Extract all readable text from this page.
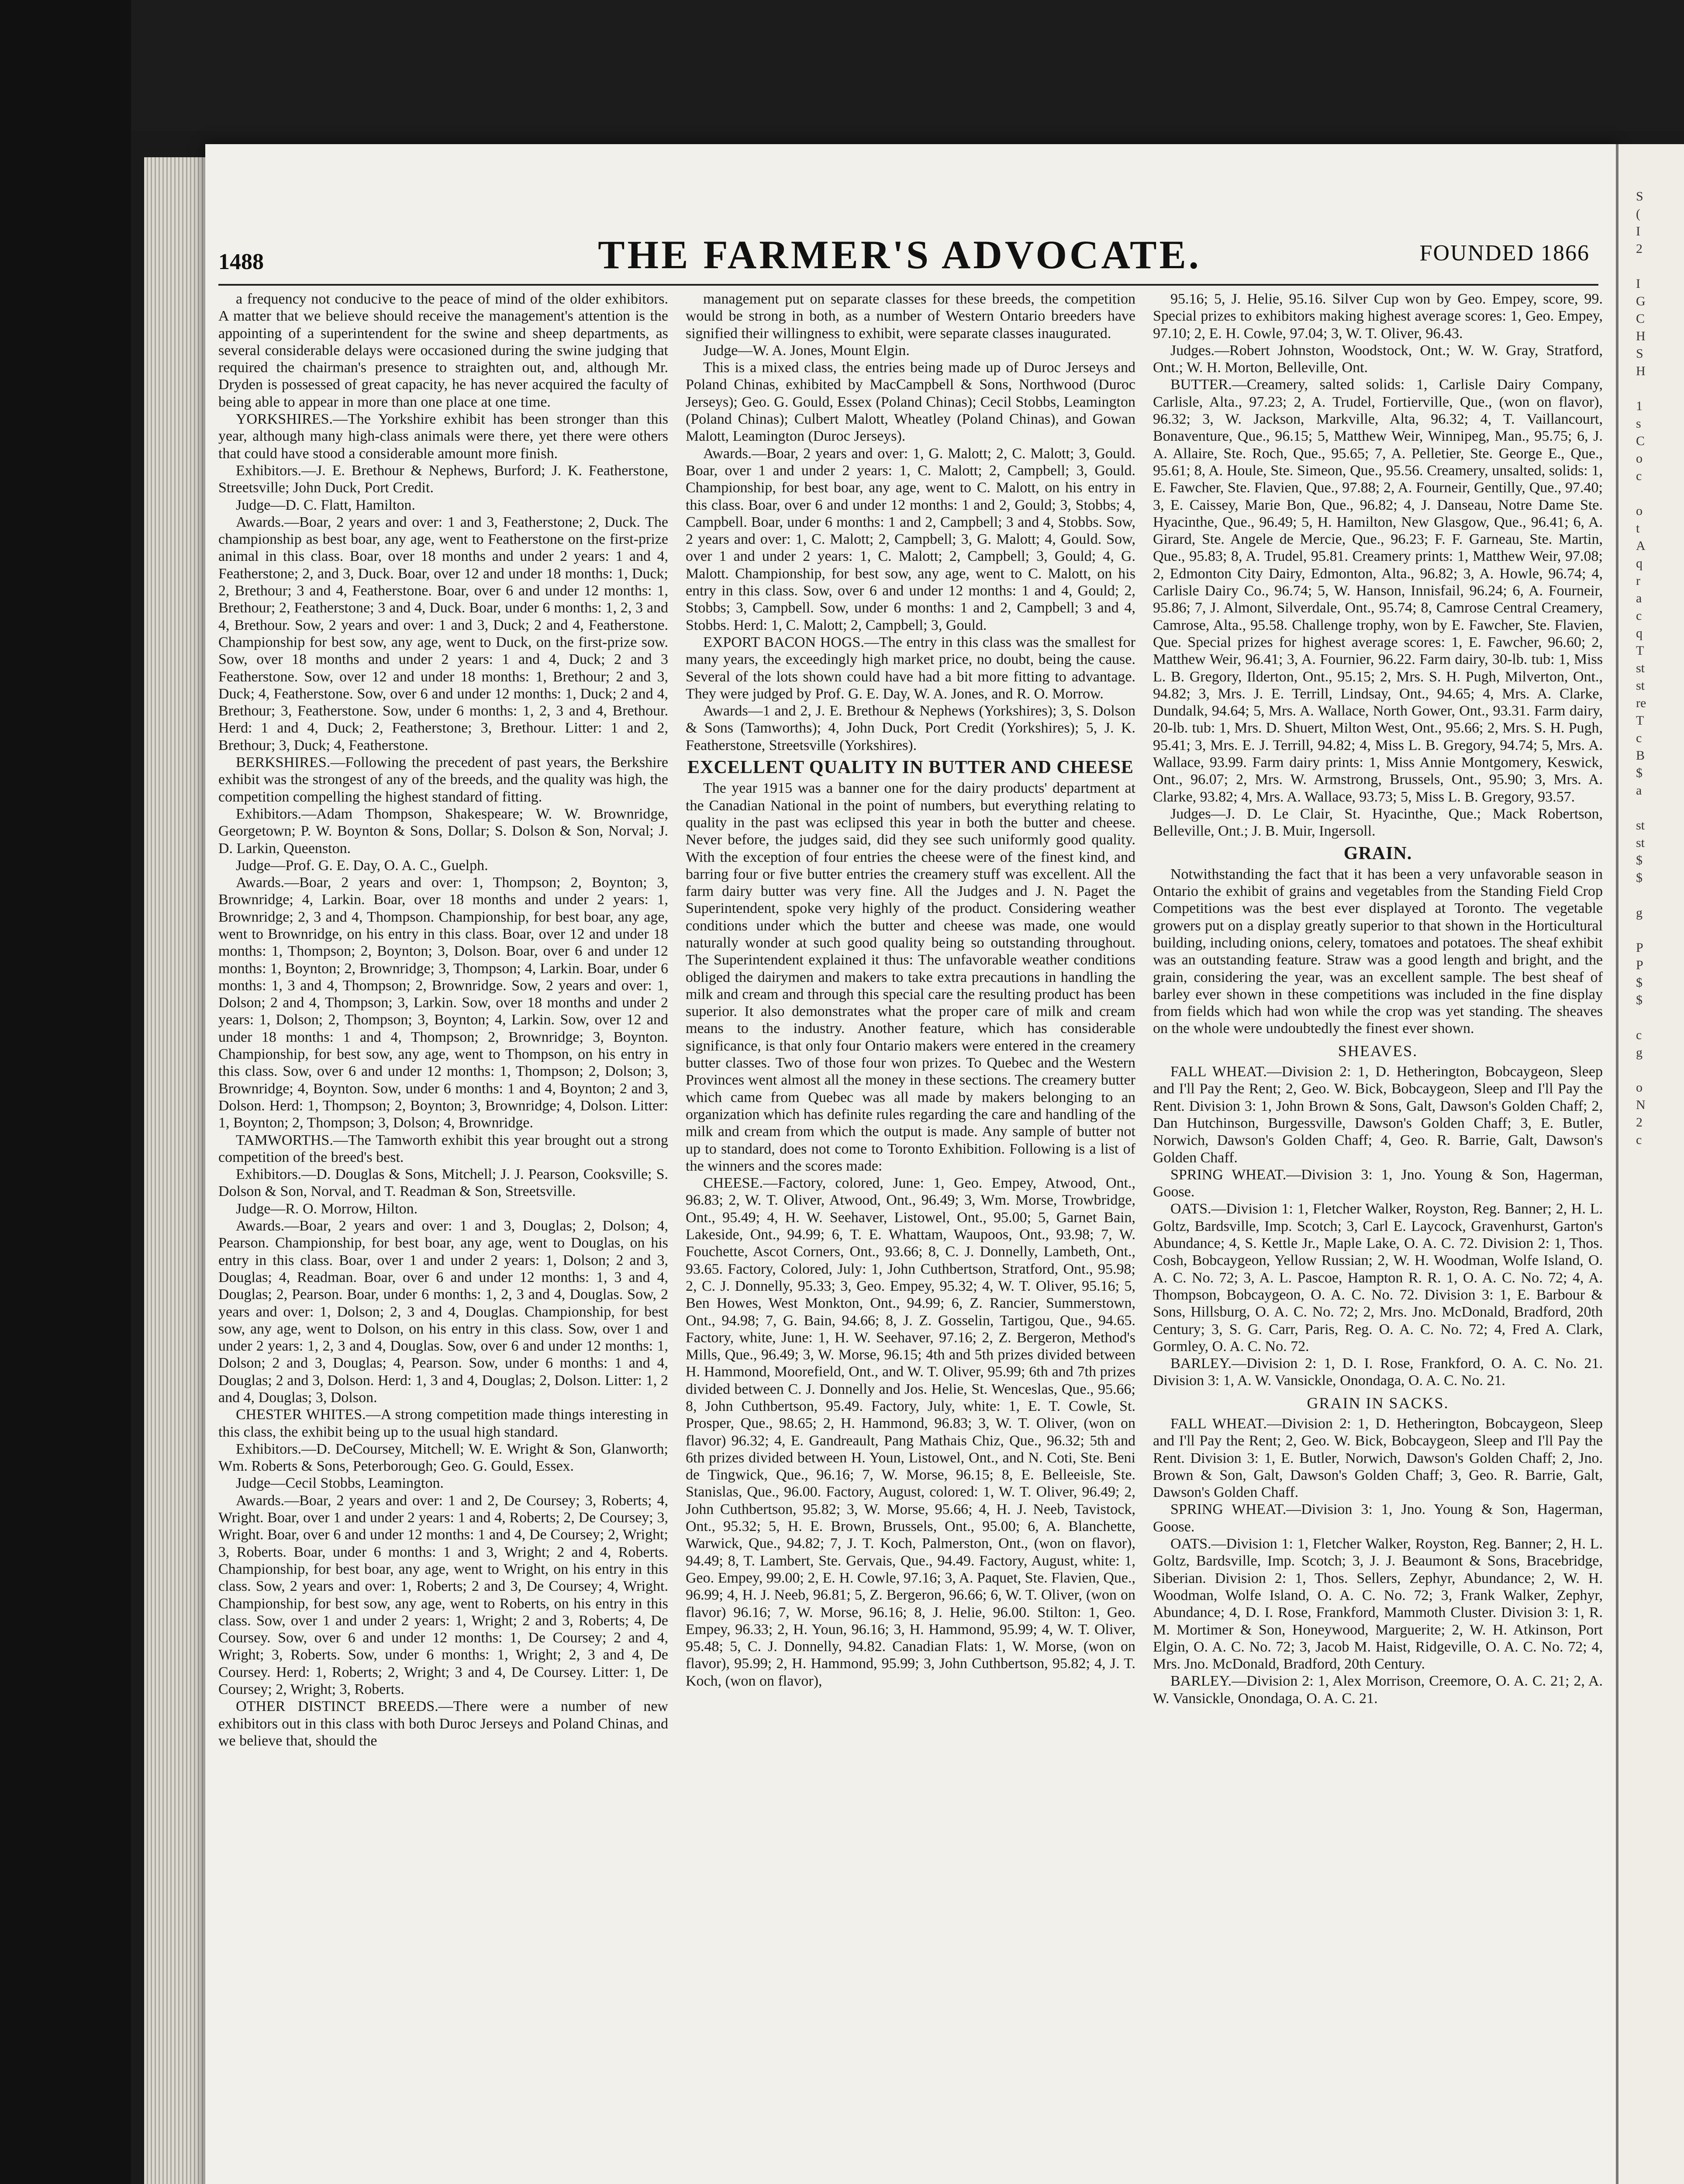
1488	THE FARMER'S ADVOCATE.	FOUNDED 1866

a frequency not conducive to the peace of mind of the older exhibitors. A matter that we believe should receive the management's attention is the appointing of a superintendent for the swine and sheep departments, as several considerable delays were occasioned during the swine judging that required the chairman's presence to straighten out, and, although Mr. Dryden is possessed of great capacity, he has never acquired the faculty of being able to appear in more than one place at one time.

YORKSHIRES.—The Yorkshire exhibit has been stronger than this year, although many high-class animals were there, yet there were others that could have stood a considerable amount more finish.

Exhibitors.—J. E. Brethour & Nephews, Burford; J. K. Featherstone, Streetsville; John Duck, Port Credit.

Judge—D. C. Flatt, Hamilton.

Awards.—Boar, 2 years and over: 1 and 3, Featherstone; 2, Duck. The championship as best boar, any age, went to Featherstone on the first-prize animal in this class. Boar, over 18 months and under 2 years: 1 and 4, Featherstone; 2, and 3, Duck. Boar, over 12 and under 18 months: 1, Duck; 2, Brethour; 3 and 4, Featherstone. Boar, over 6 and under 12 months: 1, Brethour; 2, Featherstone; 3 and 4, Duck. Boar, under 6 months: 1, 2, 3 and 4, Brethour. Sow, 2 years and over: 1 and 3, Duck; 2 and 4, Featherstone. Championship for best sow, any age, went to Duck, on the first-prize sow. Sow, over 18 months and under 2 years: 1 and 4, Duck; 2 and 3 Featherstone. Sow, over 12 and under 18 months: 1, Brethour; 2 and 3, Duck; 4, Featherstone. Sow, over 6 and under 12 months: 1, Duck; 2 and 4, Brethour; 3, Featherstone. Sow, under 6 months: 1, 2, 3 and 4, Brethour. Herd: 1 and 4, Duck; 2, Featherstone; 3, Brethour. Litter: 1 and 2, Brethour; 3, Duck; 4, Featherstone.

BERKSHIRES.—Following the precedent of past years, the Berkshire exhibit was the strongest of any of the breeds, and the quality was high, the competition compelling the highest standard of fitting.

Exhibitors.—Adam Thompson, Shakespeare; W. W. Brownridge, Georgetown; P. W. Boynton & Sons, Dollar; S. Dolson & Son, Norval; J. D. Larkin, Queenston.

Judge—Prof. G. E. Day, O. A. C., Guelph.

Awards.—Boar, 2 years and over: 1, Thompson; 2, Boynton; 3, Brownridge; 4, Larkin. Boar, over 18 months and under 2 years: 1, Brownridge; 2, 3 and 4, Thompson. Championship, for best boar, any age, went to Brownridge, on his entry in this class. Boar, over 12 and under 18 months: 1, Thompson; 2, Boynton; 3, Dolson. Boar, over 6 and under 12 months: 1, Boynton; 2, Brownridge; 3, Thompson; 4, Larkin. Boar, under 6 months: 1, 3 and 4, Thompson; 2, Brownridge. Sow, 2 years and over: 1, Dolson; 2 and 4, Thompson; 3, Larkin. Sow, over 18 months and under 2 years: 1, Dolson; 2, Thompson; 3, Boynton; 4, Larkin. Sow, over 12 and under 18 months: 1 and 4, Thompson; 2, Brownridge; 3, Boynton. Championship, for best sow, any age, went to Thompson, on his entry in this class. Sow, over 6 and under 12 months: 1, Thompson; 2, Dolson; 3, Brownridge; 4, Boynton. Sow, under 6 months: 1 and 4, Boynton; 2 and 3, Dolson. Herd: 1, Thompson; 2, Boynton; 3, Brownridge; 4, Dolson. Litter: 1, Boynton; 2, Thompson; 3, Dolson; 4, Brownridge.

TAMWORTHS.—The Tamworth exhibit this year brought out a strong competition of the breed's best.

Exhibitors.—D. Douglas & Sons, Mitchell; J. J. Pearson, Cooksville; S. Dolson & Son, Norval, and T. Readman & Son, Streetsville.

Judge—R. O. Morrow, Hilton.

Awards.—Boar, 2 years and over: 1 and 3, Douglas; 2, Dolson; 4, Pearson. Championship, for best boar, any age, went to Douglas, on his entry in this class. Boar, over 1 and under 2 years: 1, Dolson; 2 and 3, Douglas; 4, Readman. Boar, over 6 and under 12 months: 1, 3 and 4, Douglas; 2, Pearson. Boar, under 6 months: 1, 2, 3 and 4, Douglas. Sow, 2 years and over: 1, Dolson; 2, 3 and 4, Douglas. Championship, for best sow, any age, went to Dolson, on his entry in this class. Sow, over 1 and under 2 years: 1, 2, 3 and 4, Douglas. Sow, over 6 and under 12 months: 1, Dolson; 2 and 3, Douglas; 4, Pearson. Sow, under 6 months: 1 and 4, Douglas; 2 and 3, Dolson. Herd: 1, 3 and 4, Douglas; 2, Dolson. Litter: 1, 2 and 4, Douglas; 3, Dolson.

CHESTER WHITES.—A strong competition made things interesting in this class, the exhibit being up to the usual high standard.

Exhibitors.—D. DeCoursey, Mitchell; W. E. Wright & Son, Glanworth; Wm. Roberts & Sons, Peterborough; Geo. G. Gould, Essex.

Judge—Cecil Stobbs, Leamington.

Awards.—Boar, 2 years and over: 1 and 2, De Coursey; 3, Roberts; 4, Wright. Boar, over 1 and under 2 years: 1 and 4, Roberts; 2, De Coursey; 3, Wright. Boar, over 6 and under 12 months: 1 and 4, De Coursey; 2, Wright; 3, Roberts. Boar, under 6 months: 1 and 3, Wright; 2 and 4, Roberts. Championship, for best boar, any age, went to Wright, on his entry in this class. Sow, 2 years and over: 1, Roberts; 2 and 3, De Coursey; 4, Wright. Championship, for best sow, any age, went to Roberts, on his entry in this class. Sow, over 1 and under 2 years: 1, Wright; 2 and 3, Roberts; 4, De Coursey. Sow, over 6 and under 12 months: 1, De Coursey; 2 and 4, Wright; 3, Roberts. Sow, under 6 months: 1, Wright; 2, 3 and 4, De Coursey. Herd: 1, Roberts; 2, Wright; 3 and 4, De Coursey. Litter: 1, De Coursey; 2, Wright; 3, Roberts.

OTHER DISTINCT BREEDS.—There were a number of new exhibitors out in this class with both Duroc Jerseys and Poland Chinas, and we believe that, should the

management put on separate classes for these breeds, the competition would be strong in both, as a number of Western Ontario breeders have signified their willingness to exhibit, were separate classes inaugurated.

Judge—W. A. Jones, Mount Elgin.

This is a mixed class, the entries being made up of Duroc Jerseys and Poland Chinas, exhibited by MacCampbell & Sons, Northwood (Duroc Jerseys); Geo. G. Gould, Essex (Poland Chinas); Cecil Stobbs, Leamington (Poland Chinas); Culbert Malott, Wheatley (Poland Chinas), and Gowan Malott, Leamington (Duroc Jerseys).

Awards.—Boar, 2 years and over: 1, G. Malott; 2, C. Malott; 3, Gould. Boar, over 1 and under 2 years: 1, C. Malott; 2, Campbell; 3, Gould. Championship, for best boar, any age, went to C. Malott, on his entry in this class. Boar, over 6 and under 12 months: 1 and 2, Gould; 3, Stobbs; 4, Campbell. Boar, under 6 months: 1 and 2, Campbell; 3 and 4, Stobbs. Sow, 2 years and over: 1, C. Malott; 2, Campbell; 3, G. Malott; 4, Gould. Sow, over 1 and under 2 years: 1, C. Malott; 2, Campbell; 3, Gould; 4, G. Malott. Championship, for best sow, any age, went to C. Malott, on his entry in this class. Sow, over 6 and under 12 months: 1 and 4, Gould; 2, Stobbs; 3, Campbell. Sow, under 6 months: 1 and 2, Campbell; 3 and 4, Stobbs. Herd: 1, C. Malott; 2, Campbell; 3, Gould.

EXPORT BACON HOGS.—The entry in this class was the smallest for many years, the exceedingly high market price, no doubt, being the cause. Several of the lots shown could have had a bit more fitting to advantage. They were judged by Prof. G. E. Day, W. A. Jones, and R. O. Morrow.

Awards—1 and 2, J. E. Brethour & Nephews (Yorkshires); 3, S. Dolson & Sons (Tamworths); 4, John Duck, Port Credit (Yorkshires); 5, J. K. Featherstone, Streetsville (Yorkshires).

EXCELLENT QUALITY IN BUTTER AND CHEESE

The year 1915 was a banner one for the dairy products' department at the Canadian National in the point of numbers, but everything relating to quality in the past was eclipsed this year in both the butter and cheese. Never before, the judges said, did they see such uniformly good quality. With the exception of four entries the cheese were of the finest kind, and barring four or five butter entries the creamery stuff was excellent. All the farm dairy butter was very fine. All the Judges and J. N. Paget the Superintendent, spoke very highly of the product. Considering weather conditions under which the butter and cheese was made, one would naturally wonder at such good quality being so outstanding throughout. The Superintendent explained it thus: The unfavorable weather conditions obliged the dairymen and makers to take extra precautions in handling the milk and cream and through this special care the resulting product has been superior. It also demonstrates what the proper care of milk and cream means to the industry. Another feature, which has considerable significance, is that only four Ontario makers were entered in the creamery butter classes. Two of those four won prizes. To Quebec and the Western Provinces went almost all the money in these sections. The creamery butter which came from Quebec was all made by makers belonging to an organization which has definite rules regarding the care and handling of the milk and cream from which the output is made. Any sample of butter not up to standard, does not come to Toronto Exhibition. Following is a list of the winners and the scores made:

CHEESE.—Factory, colored, June: 1, Geo. Empey, Atwood, Ont., 96.83; 2, W. T. Oliver, Atwood, Ont., 96.49; 3, Wm. Morse, Trowbridge, Ont., 95.49; 4, H. W. Seehaver, Listowel, Ont., 95.00; 5, Garnet Bain, Lakeside, Ont., 94.99; 6, T. E. Whattam, Waupoos, Ont., 93.98; 7, W. Fouchette, Ascot Corners, Ont., 93.66; 8, C. J. Donnelly, Lambeth, Ont., 93.65. Factory, Colored, July: 1, John Cuthbertson, Stratford, Ont., 95.98; 2, C. J. Donnelly, 95.33; 3, Geo. Empey, 95.32; 4, W. T. Oliver, 95.16; 5, Ben Howes, West Monkton, Ont., 94.99; 6, Z. Rancier, Summerstown, Ont., 94.98; 7, G. Bain, 94.66; 8, J. Z. Gosselin, Tartigou, Que., 94.65. Factory, white, June: 1, H. W. Seehaver, 97.16; 2, Z. Bergeron, Method's Mills, Que., 96.49; 3, W. Morse, 96.15; 4th and 5th prizes divided between H. Hammond, Moorefield, Ont., and W. T. Oliver, 95.99; 6th and 7th prizes divided between C. J. Donnelly and Jos. Helie, St. Wenceslas, Que., 95.66; 8, John Cuthbertson, 95.49. Factory, July, white: 1, E. T. Cowle, St. Prosper, Que., 98.65; 2, H. Hammond, 96.83; 3, W. T. Oliver, (won on flavor) 96.32; 4, E. Gandreault, Pang Mathais Chiz, Que., 96.32; 5th and 6th prizes divided between H. Youn, Listowel, Ont., and N. Coti, Ste. Beni de Tingwick, Que., 96.16; 7, W. Morse, 96.15; 8, E. Belleeisle, Ste. Stanislas, Que., 96.00. Factory, August, colored: 1, W. T. Oliver, 96.49; 2, John Cuthbertson, 95.82; 3, W. Morse, 95.66; 4, H. J. Neeb, Tavistock, Ont., 95.32; 5, H. E. Brown, Brussels, Ont., 95.00; 6, A. Blanchette, Warwick, Que., 94.82; 7, J. T. Koch, Palmerston, Ont., (won on flavor), 94.49; 8, T. Lambert, Ste. Gervais, Que., 94.49. Factory, August, white: 1, Geo. Empey, 99.00; 2, E. H. Cowle, 97.16; 3, A. Paquet, Ste. Flavien, Que., 96.99; 4, H. J. Neeb, 96.81; 5, Z. Bergeron, 96.66; 6, W. T. Oliver, (won on flavor) 96.16; 7, W. Morse, 96.16; 8, J. Helie, 96.00. Stilton: 1, Geo. Empey, 96.33; 2, H. Youn, 96.16; 3, H. Hammond, 95.99; 4, W. T. Oliver, 95.48; 5, C. J. Donnelly, 94.82. Canadian Flats: 1, W. Morse, (won on flavor), 95.99; 2, H. Hammond, 95.99; 3, John Cuthbertson, 95.82; 4, J. T. Koch, (won on flavor),

95.16; 5, J. Helie, 95.16. Silver Cup won by Geo. Empey, score, 99. Special prizes to exhibitors making highest average scores: 1, Geo. Empey, 97.10; 2, E. H. Cowle, 97.04; 3, W. T. Oliver, 96.43.

Judges.—Robert Johnston, Woodstock, Ont.; W. W. Gray, Stratford, Ont.; W. H. Morton, Belleville, Ont.

BUTTER.—Creamery, salted solids: 1, Carlisle Dairy Company, Carlisle, Alta., 97.23; 2, A. Trudel, Fortierville, Que., (won on flavor), 96.32; 3, W. Jackson, Markville, Alta, 96.32; 4, T. Vaillancourt, Bonaventure, Que., 96.15; 5, Matthew Weir, Winnipeg, Man., 95.75; 6, J. A. Allaire, Ste. Roch, Que., 95.65; 7, A. Pelletier, Ste. George E., Que., 95.61; 8, A. Houle, Ste. Simeon, Que., 95.56. Creamery, unsalted, solids: 1, E. Fawcher, Ste. Flavien, Que., 97.88; 2, A. Fourneir, Gentilly, Que., 97.40; 3, E. Caissey, Marie Bon, Que., 96.82; 4, J. Danseau, Notre Dame Ste. Hyacinthe, Que., 96.49; 5, H. Hamilton, New Glasgow, Que., 96.41; 6, A. Girard, Ste. Angele de Mercie, Que., 96.23; F. F. Garneau, Ste. Martin, Que., 95.83; 8, A. Trudel, 95.81. Creamery prints: 1, Matthew Weir, 97.08; 2, Edmonton City Dairy, Edmonton, Alta., 96.82; 3, A. Howle, 96.74; 4, Carlisle Dairy Co., 96.74; 5, W. Hanson, Innisfail, 96.24; 6, A. Fourneir, 95.86; 7, J. Almont, Silverdale, Ont., 95.74; 8, Camrose Central Creamery, Camrose, Alta., 95.58. Challenge trophy, won by E. Fawcher, Ste. Flavien, Que. Special prizes for highest average scores: 1, E. Fawcher, 96.60; 2, Matthew Weir, 96.41; 3, A. Fournier, 96.22. Farm dairy, 30-lb. tub: 1, Miss L. B. Gregory, Ilderton, Ont., 95.15; 2, Mrs. S. H. Pugh, Milverton, Ont., 94.82; 3, Mrs. J. E. Terrill, Lindsay, Ont., 94.65; 4, Mrs. A. Clarke, Dundalk, 94.64; 5, Mrs. A. Wallace, North Gower, Ont., 93.31. Farm dairy, 20-lb. tub: 1, Mrs. D. Shuert, Milton West, Ont., 95.66; 2, Mrs. S. H. Pugh, 95.41; 3, Mrs. E. J. Terrill, 94.82; 4, Miss L. B. Gregory, 94.74; 5, Mrs. A. Wallace, 93.99. Farm dairy prints: 1, Miss Annie Montgomery, Keswick, Ont., 96.07; 2, Mrs. W. Armstrong, Brussels, Ont., 95.90; 3, Mrs. A. Clarke, 93.82; 4, Mrs. A. Wallace, 93.73; 5, Miss L. B. Gregory, 93.57.

Judges—J. D. Le Clair, St. Hyacinthe, Que.; Mack Robertson, Belleville, Ont.; J. B. Muir, Ingersoll.

GRAIN.

Notwithstanding the fact that it has been a very unfavorable season in Ontario the exhibit of grains and vegetables from the Standing Field Crop Competitions was the best ever displayed at Toronto. The vegetable growers put on a display greatly superior to that shown in the Horticultural building, including onions, celery, tomatoes and potatoes. The sheaf exhibit was an outstanding feature. Straw was a good length and bright, and the grain, considering the year, was an excellent sample. The best sheaf of barley ever shown in these competitions was included in the fine display from fields which had won while the crop was yet standing. The sheaves on the whole were undoubtedly the finest ever shown.

SHEAVES.

FALL WHEAT.—Division 2: 1, D. Hetherington, Bobcaygeon, Sleep and I'll Pay the Rent; 2, Geo. W. Bick, Bobcaygeon, Sleep and I'll Pay the Rent. Division 3: 1, John Brown & Sons, Galt, Dawson's Golden Chaff; 2, Dan Hutchinson, Burgessville, Dawson's Golden Chaff; 3, E. Butler, Norwich, Dawson's Golden Chaff; 4, Geo. R. Barrie, Galt, Dawson's Golden Chaff.

SPRING WHEAT.—Division 3: 1, Jno. Young & Son, Hagerman, Goose.

OATS.—Division 1: 1, Fletcher Walker, Royston, Reg. Banner; 2, H. L. Goltz, Bardsville, Imp. Scotch; 3, Carl E. Laycock, Gravenhurst, Garton's Abundance; 4, S. Kettle Jr., Maple Lake, O. A. C. 72. Division 2: 1, Thos. Cosh, Bobcaygeon, Yellow Russian; 2, W. H. Woodman, Wolfe Island, O. A. C. No. 72; 3, A. L. Pascoe, Hampton R. R. 1, O. A. C. No. 72; 4, A. Thompson, Bobcaygeon, O. A. C. No. 72. Division 3: 1, E. Barbour & Sons, Hillsburg, O. A. C. No. 72; 2, Mrs. Jno. McDonald, Bradford, 20th Century; 3, S. G. Carr, Paris, Reg. O. A. C. No. 72; 4, Fred A. Clark, Gormley, O. A. C. No. 72.

BARLEY.—Division 2: 1, D. I. Rose, Frankford, O. A. C. No. 21. Division 3: 1, A. W. Vansickle, Onondaga, O. A. C. No. 21.

GRAIN IN SACKS.

FALL WHEAT.—Division 2: 1, D. Hetherington, Bobcaygeon, Sleep and I'll Pay the Rent; 2, Geo. W. Bick, Bobcaygeon, Sleep and I'll Pay the Rent. Division 3: 1, E. Butler, Norwich, Dawson's Golden Chaff; 2, Jno. Brown & Son, Galt, Dawson's Golden Chaff; 3, Geo. R. Barrie, Galt, Dawson's Golden Chaff.

SPRING WHEAT.—Division 3: 1, Jno. Young & Son, Hagerman, Goose.

OATS.—Division 1: 1, Fletcher Walker, Royston, Reg. Banner; 2, H. L. Goltz, Bardsville, Imp. Scotch; 3, J. J. Beaumont & Sons, Bracebridge, Siberian. Division 2: 1, Thos. Sellers, Zephyr, Abundance; 2, W. H. Woodman, Wolfe Island, O. A. C. No. 72; 3, Frank Walker, Zephyr, Abundance; 4, D. I. Rose, Frankford, Mammoth Cluster. Division 3: 1, R. M. Mortimer & Son, Honeywood, Marguerite; 2, W. H. Atkinson, Port Elgin, O. A. C. No. 72; 3, Jacob M. Haist, Ridgeville, O. A. C. No. 72; 4, Mrs. Jno. McDonald, Bradford, 20th Century.

BARLEY.—Division 2: 1, Alex Morrison, Creemore, O. A. C. 21; 2, A. W. Vansickle, Onondaga, O. A. C. 21.

S
(
I
2

I
G
C
H
S
H

1
s
C
o
c

o
t
A
q
r
a
c
q
T
st
st
re
T
c
B
$
a

st
st
$
$

g

P
P
$
$

c
g

o
N
2
c
